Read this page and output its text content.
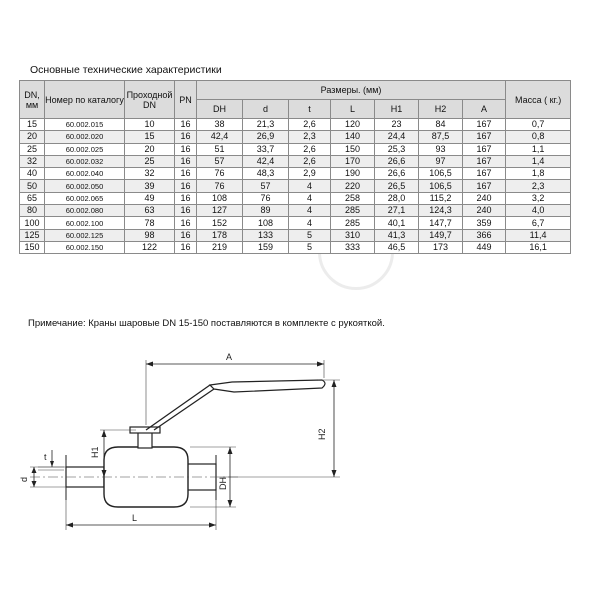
Основные технические характеристики
DN, мм	Номер по каталогу	Проходной DN	PN	Размеры. (мм)							Масса ( кг.)
				DH	d	t	L	H1	H2	A	
15	60.002.015	10	16	38	21,3	2,6	120	23	84	167	0,7
20	60.002.020	15	16	42,4	26,9	2,3	140	24,4	87,5	167	0,8
25	60.002.025	20	16	51	33,7	2,6	150	25,3	93	167	1,1
32	60.002.032	25	16	57	42,4	2,6	170	26,6	97	167	1,4
40	60.002.040	32	16	76	48,3	2,9	190	26,6	106,5	167	1,8
50	60.002.050	39	16	76	57	4	220	26,5	106,5	167	2,3
65	60.002.065	49	16	108	76	4	258	28,0	115,2	240	3,2
80	60.002.080	63	16	127	89	4	285	27,1	124,3	240	4,0
100	60.002.100	78	16	152	108	4	285	40,1	147,7	359	6,7
125	60.002.125	98	16	178	133	5	310	41,3	149,7	366	11,4
150	60.002.150	122	16	219	159	5	333	46,5	173	449	16,1
Примечание: Краны шаровые DN 15-150 поставляются в комплекте с рукояткой.
A
H2
H1
t
d	DH
L
